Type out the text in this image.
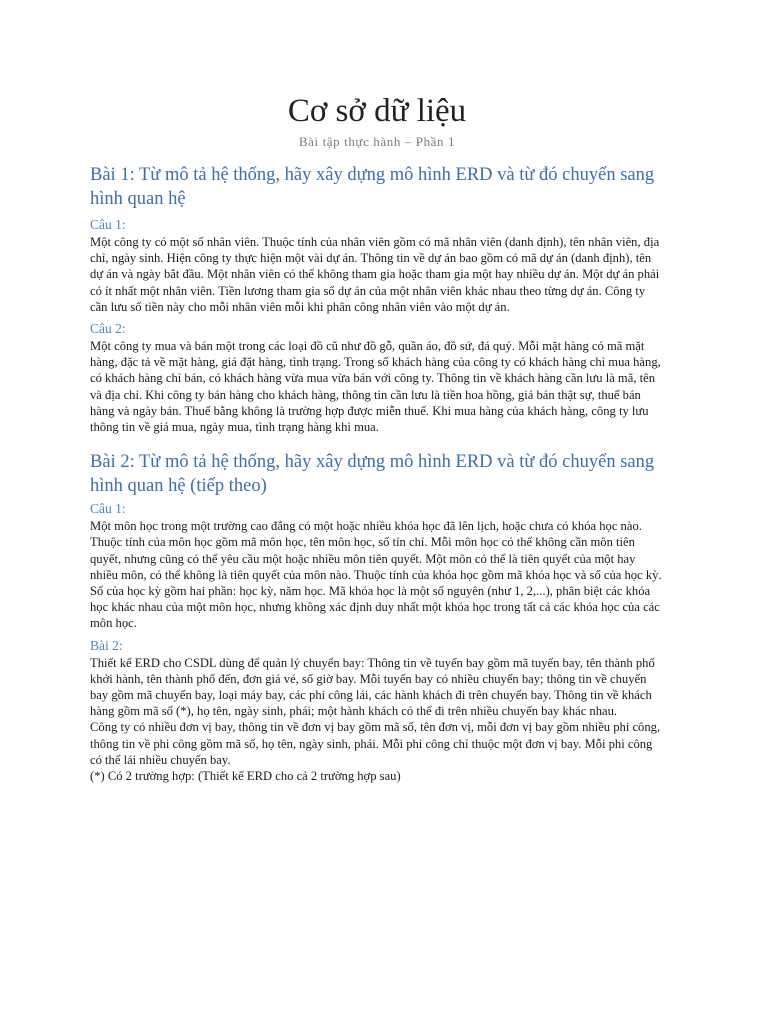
Cơ sở dữ liệu
Bài tập thực hành – Phần 1
Bài 1: Từ mô tả hệ thống, hãy xây dựng mô hình ERD và từ đó chuyển sang hình quan hệ
Câu 1:

Một công ty có một số nhân viên. Thuộc tính của nhân viên gồm có mã nhân viên (danh định), tên nhân viên, địa chỉ, ngày sinh. Hiện công ty thực hiện một vài dự án. Thông tin về dự án bao gồm có mã dự án (danh định), tên dự án và ngày bắt đầu. Một nhân viên có thể không tham gia hoặc tham gia một hay nhiều dự án. Một dự án phải có ít nhất một nhân viên. Tiền lương tham gia số dự án của một nhân viên khác nhau theo từng dự án. Công ty cần lưu số tiền này cho mỗi nhân viên mỗi khi phân công nhân viên vào một dự án.

Câu 2:

Một công ty mua và bán một trong các loại đồ cũ như đồ gỗ, quần áo, đồ sứ, đá quý. Mỗi mặt hàng có mã mặt hàng, đặc tả về mặt hàng, giá đặt hàng, tình trạng. Trong số khách hàng của công ty có khách hàng chỉ mua hàng, có khách hàng chỉ bán, có khách hàng vừa mua vừa bán với công ty. Thông tin về khách hàng cần lưu là mã, tên và địa chỉ. Khi công ty bán hàng cho khách hàng, thông tin cần lưu là tiền hoa hồng, giá bán thật sự, thuế bán hàng và ngày bán. Thuế bằng không là trường hợp được miễn thuế. Khi mua hàng của khách hàng, công ty lưu thông tin về giá mua, ngày mua, tình trạng hàng khi mua.

Bài 2: Từ mô tả hệ thống, hãy xây dựng mô hình ERD và từ đó chuyển sang hình quan hệ (tiếp theo)
Câu 1:

Một môn học trong một trường cao đẳng có một hoặc nhiều khóa học đã lên lịch, hoặc chưa có khóa học nào. Thuộc tính của môn học gồm mã môn học, tên môn học, số tín chỉ. Mỗi môn học có thể không cần môn tiên quyết, nhưng cũng có thể yêu cầu một hoặc nhiều môn tiên quyết. Một môn có thể là tiên quyết của một hay nhiều môn, có thể không là tiên quyết của môn nào. Thuộc tính của khóa học gồm mã khóa học và số của học kỳ. Số của học kỳ gồm hai phần: học kỳ, năm học. Mã khóa học là một số nguyên (như 1, 2,...), phân biệt các khóa học khác nhau của một môn học, nhưng không xác định duy nhất một khóa học trong tất cả các khóa học của các môn học.

Bài 2:

Thiết kế ERD cho CSDL dùng để quản lý chuyến bay: Thông tin về tuyến bay gồm mã tuyến bay, tên thành phố khởi hành, tên thành phố đến, đơn giá vé, số giờ bay. Mỗi tuyến bay có nhiều chuyến bay; thông tin về chuyến bay gồm mã chuyến bay, loại máy bay, các phi công lái, các hành khách đi trên chuyến bay. Thông tin về khách hàng gồm mã số (*), họ tên, ngày sinh, phái; một hành khách có thể đi trên nhiều chuyến bay khác nhau.

Công ty có nhiều đơn vị bay, thông tin về đơn vị bay gồm mã số, tên đơn vị, mỗi đơn vị bay gồm nhiều phi công, thông tin về phi công gồm mã số, họ tên, ngày sinh, phái. Mỗi phi công chỉ thuộc một đơn vị bay. Mỗi phi công có thể lái nhiều chuyến bay.

(*) Có 2 trường hợp: (Thiết kế ERD cho cả 2 trường hợp sau)
